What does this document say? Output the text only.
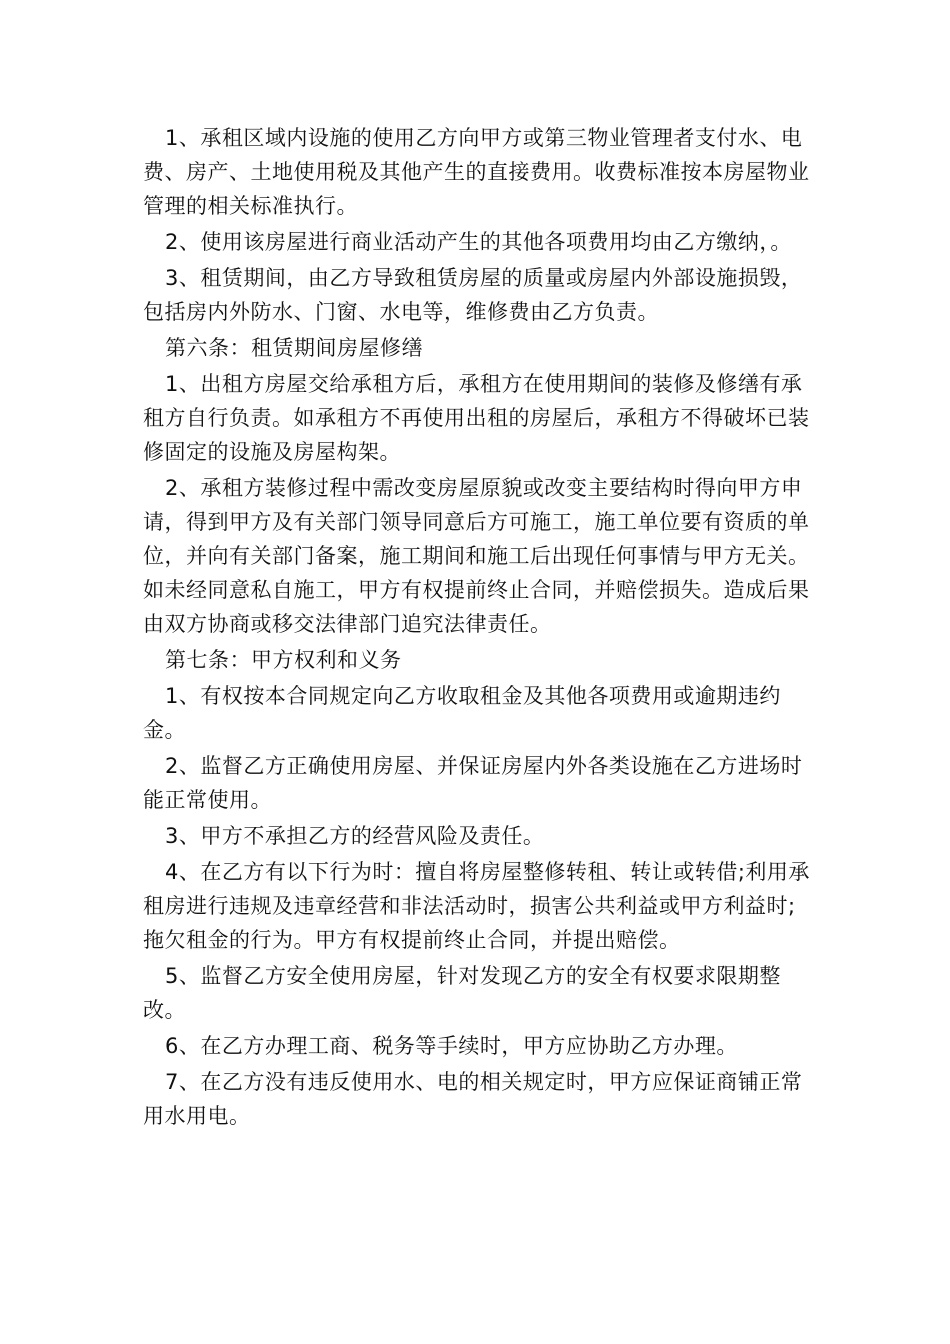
1、承租区域内设施的使用乙方向甲方或第三物业管理者支付水、电费、房产、土地使用税及其他产生的直接费用。收费标准按本房屋物业管理的相关标准执行。

2、使用该房屋进行商业活动产生的其他各项费用均由乙方缴纳，。

3、租赁期间，由乙方导致租赁房屋的质量或房屋内外部设施损毁，包括房内外防水、门窗、水电等，维修费由乙方负责。

第六条：租赁期间房屋修缮

1、出租方房屋交给承租方后，承租方在使用期间的装修及修缮有承租方自行负责。如承租方不再使用出租的房屋后，承租方不得破坏已装修固定的设施及房屋构架。

2、承租方装修过程中需改变房屋原貌或改变主要结构时得向甲方申请，得到甲方及有关部门领导同意后方可施工，施工单位要有资质的单位，并向有关部门备案，施工期间和施工后出现任何事情与甲方无关。如未经同意私自施工，甲方有权提前终止合同，并赔偿损失。造成后果由双方协商或移交法律部门追究法律责任。

第七条：甲方权利和义务

1、有权按本合同规定向乙方收取租金及其他各项费用或逾期违约金。

2、监督乙方正确使用房屋、并保证房屋内外各类设施在乙方进场时能正常使用。

3、甲方不承担乙方的经营风险及责任。

4、在乙方有以下行为时：擅自将房屋整修转租、转让或转借;利用承租房进行违规及违章经营和非法活动时，损害公共利益或甲方利益时;拖欠租金的行为。甲方有权提前终止合同，并提出赔偿。

5、监督乙方安全使用房屋，针对发现乙方的安全有权要求限期整改。

6、在乙方办理工商、税务等手续时，甲方应协助乙方办理。

7、在乙方没有违反使用水、电的相关规定时，甲方应保证商铺正常用水用电。
